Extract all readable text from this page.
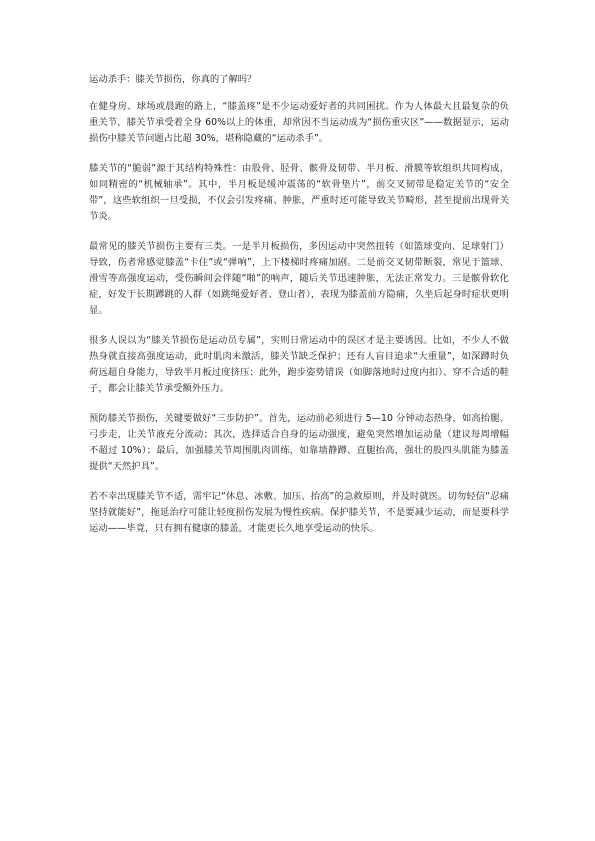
运动杀手：膝关节损伤，你真的了解吗？

在健身房、球场或晨跑的路上，“膝盖疼”是不少运动爱好者的共同困扰。作为人体最大且最复杂的负重关节，膝关节承受着全身 60%以上的体重，却常因不当运动成为“损伤重灾区”——数据显示，运动损伤中膝关节问题占比超 30%，堪称隐藏的“运动杀手”。

膝关节的“脆弱”源于其结构特殊性：由股骨、胫骨、髌骨及韧带、半月板、滑膜等软组织共同构成，如同精密的“机械轴承”。其中，半月板是缓冲震荡的“软骨垫片”，前交叉韧带是稳定关节的“安全带”，这些软组织一旦受损，不仅会引发疼痛、肿胀，严重时还可能导致关节畸形，甚至提前出现骨关节炎。

最常见的膝关节损伤主要有三类。一是半月板损伤，多因运动中突然扭转（如篮球变向、足球射门）导致，伤者常感觉膝盖“卡住”或“弹响”，上下楼梯时疼痛加剧。二是前交叉韧带断裂，常见于篮球、滑雪等高强度运动，受伤瞬间会伴随“啪”的响声，随后关节迅速肿胀，无法正常发力。三是髌骨软化症，好发于长期蹲跳的人群（如跳绳爱好者、登山者），表现为膝盖前方隐痛，久坐后起身时症状更明显。

很多人误以为“膝关节损伤是运动员专属”，实则日常运动中的误区才是主要诱因。比如，不少人不做热身就直接高强度运动，此时肌肉未激活，膝关节缺乏保护；还有人盲目追求“大重量”，如深蹲时负荷远超自身能力，导致半月板过度挤压；此外，跑步姿势错误（如脚落地时过度内扣）、穿不合适的鞋子，都会让膝关节承受额外压力。

预防膝关节损伤，关键要做好“三步防护”。首先，运动前必须进行 5—10 分钟动态热身，如高抬腿、弓步走，让关节液充分流动；其次，选择适合自身的运动强度，避免突然增加运动量（建议每周增幅不超过 10%）；最后，加强膝关节周围肌肉训练，如靠墙静蹲、直腿抬高，强壮的股四头肌能为膝盖提供“天然护具”。

若不幸出现膝关节不适，需牢记“休息、冰敷、加压、抬高”的急救原则，并及时就医。切勿轻信“忍痛坚持就能好”，拖延治疗可能让轻度损伤发展为慢性疾病。保护膝关节，不是要减少运动，而是要科学运动——毕竟，只有拥有健康的膝盖，才能更长久地享受运动的快乐。
